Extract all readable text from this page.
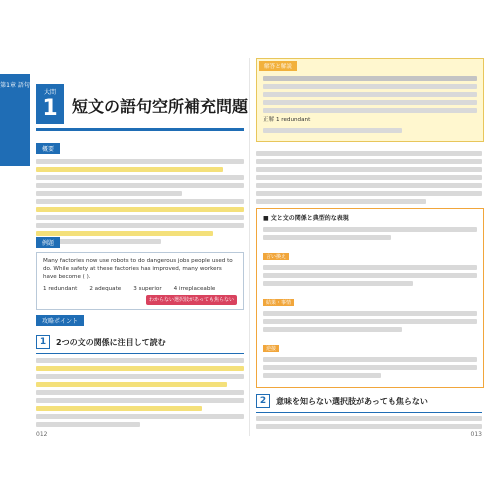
第1章 語句
大問
1 短文の語句空所補充問題
概要
例題
Many factories now use robots to do dangerous jobs people used to do. While safety at these factories has improved, many workers have become ( ).
1 redundant 2 adequate 3 superior 4 irreplaceable
わからない選択肢があっても焦らない
攻略ポイント
1	2つの文の関係に注目して読む
012
解答と解説
正解 1 redundant
■ 文と文の関係と典型的な表現
言い換え
結果・事情
逆接
2	意味を知らない選択肢があっても焦らない
013
